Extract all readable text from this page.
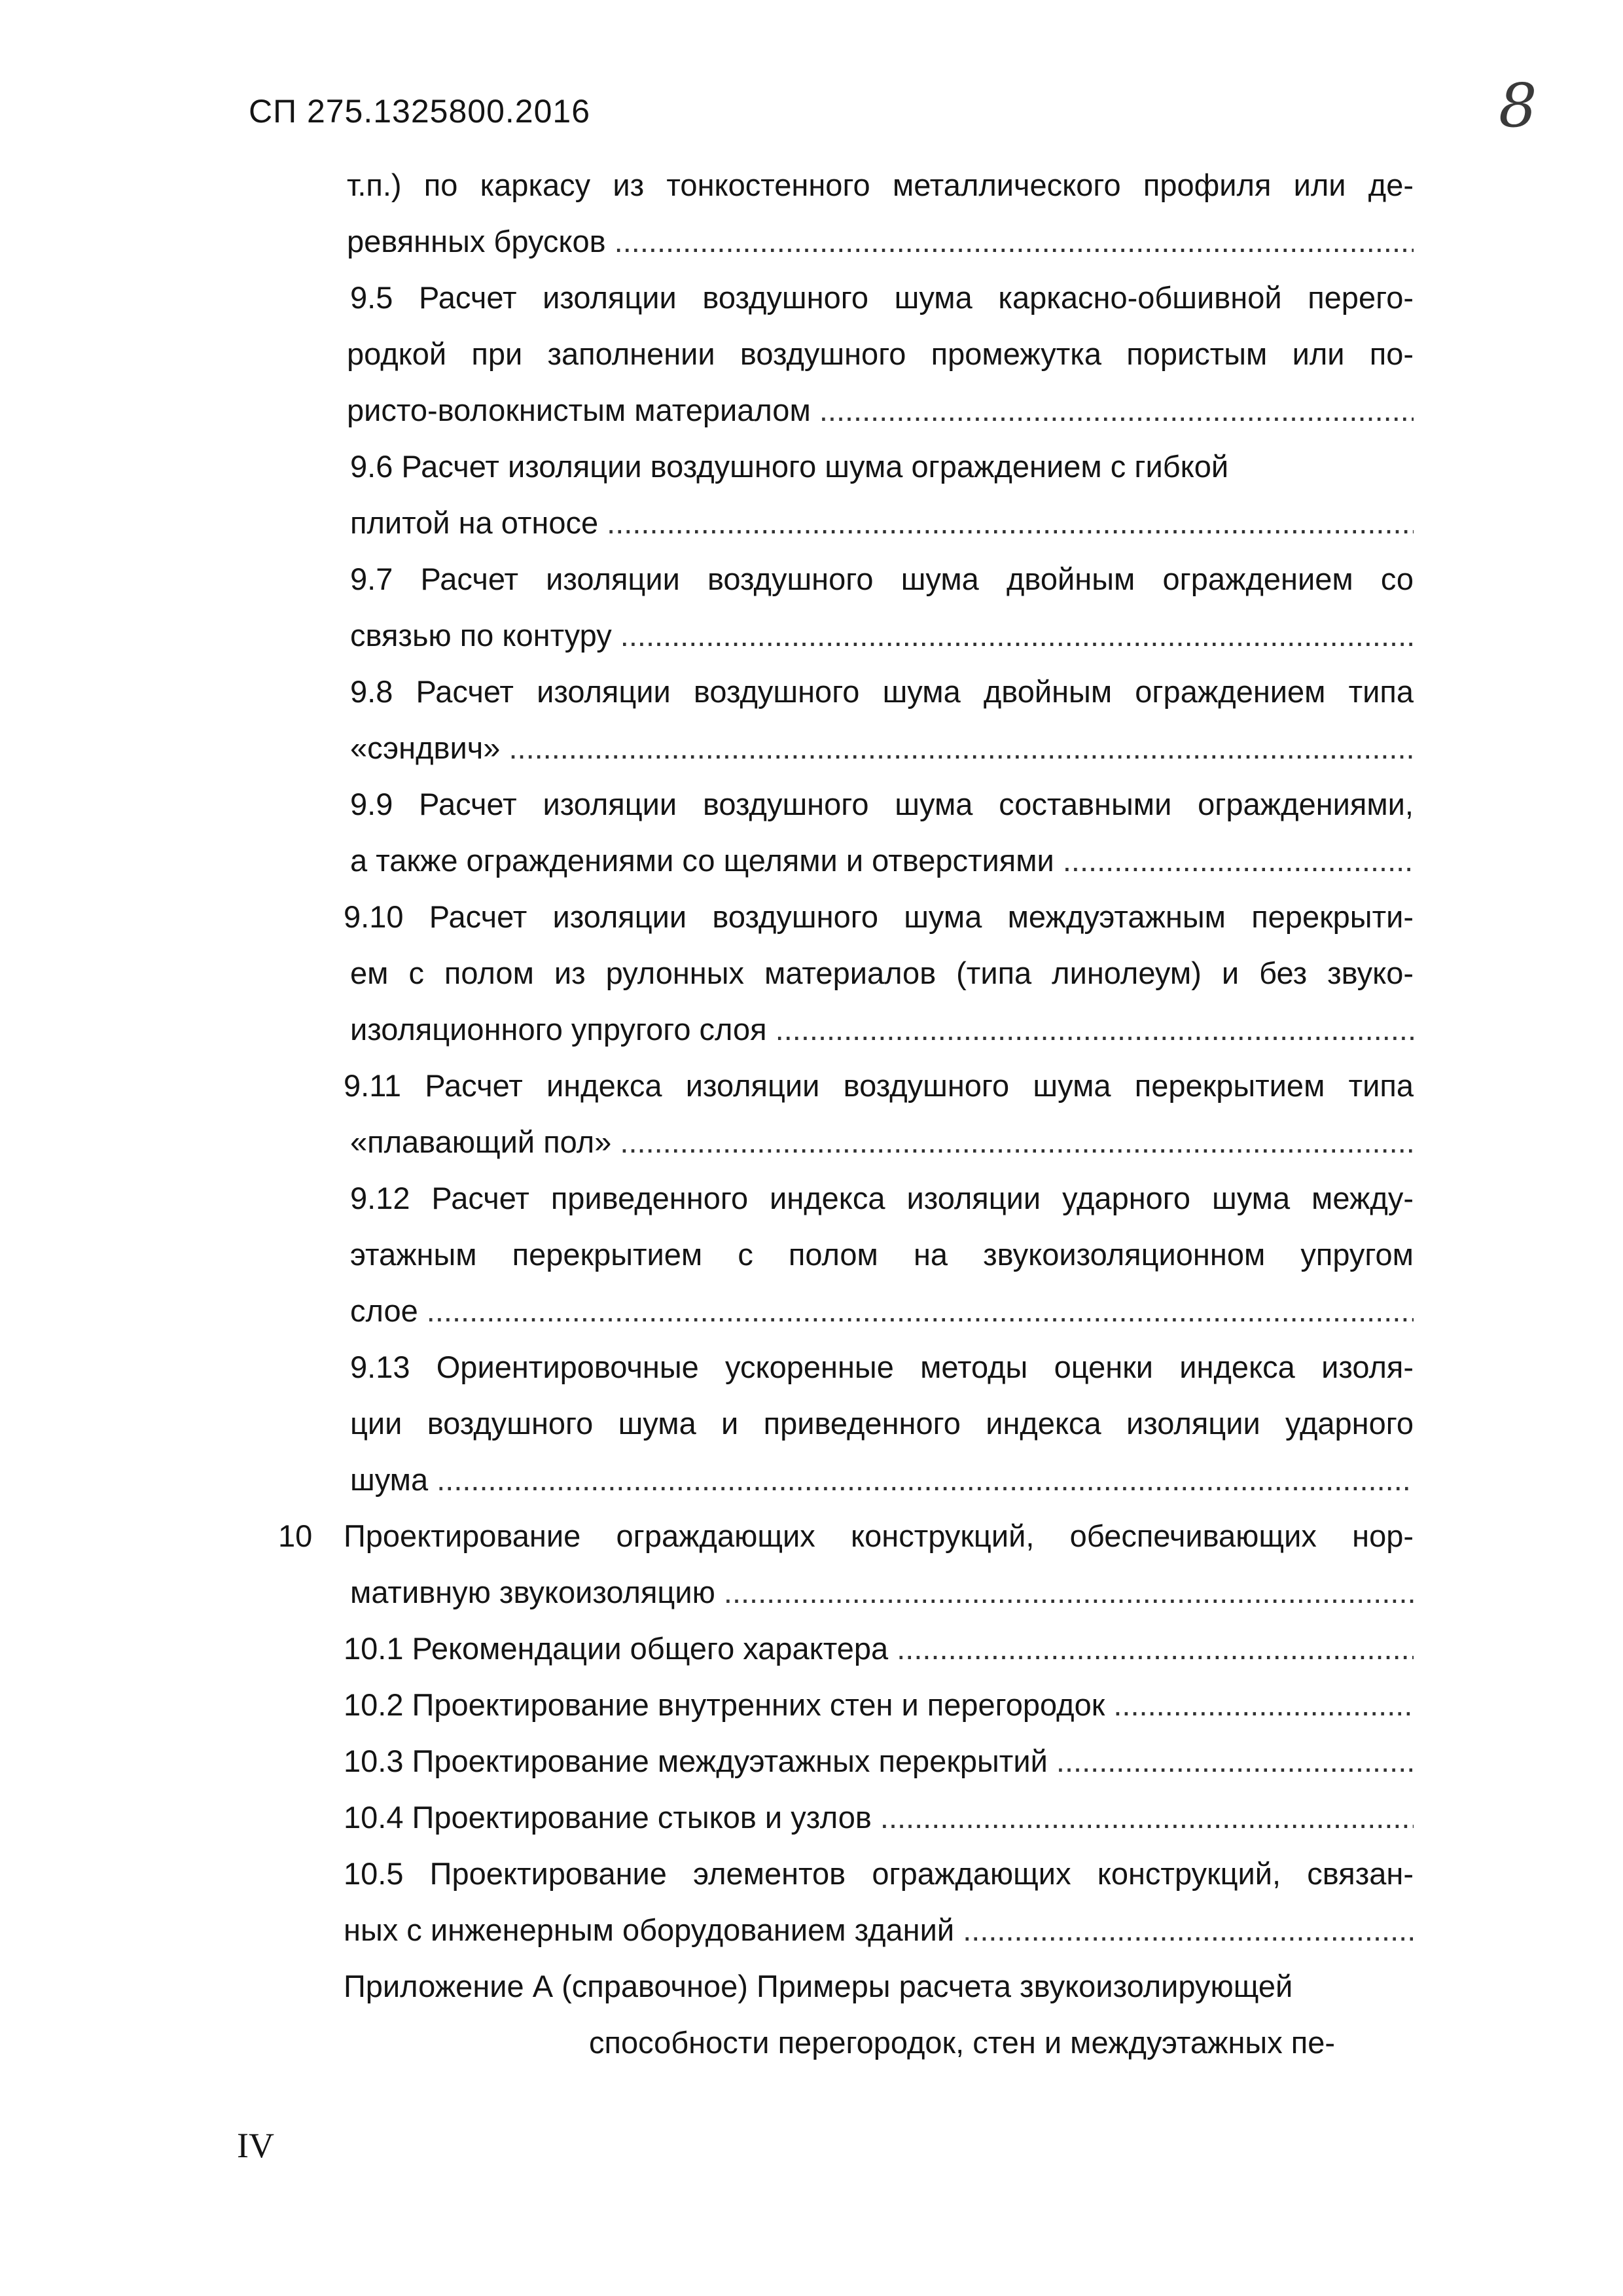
СП 275.1325800.2016	8
т.п.) по каркасу из тонкостенного металлического профиля или де-
ревянных брусков .....
9.5 Расчет изоляции воздушного шума каркасно-обшивной перего-
родкой при заполнении воздушного промежутка пористым или по-
ристо-волокнистым материалом .....
9.6 Расчет изоляции воздушного шума ограждением с гибкой
плитой на относе .....
9.7 Расчет изоляции воздушного шума двойным ограждением со
связью по контуру .....
9.8 Расчет изоляции воздушного шума двойным ограждением типа
«сэндвич» .....
9.9 Расчет изоляции воздушного шума составными ограждениями,
а также ограждениями со щелями и отверстиями .....
9.10 Расчет изоляции воздушного шума междуэтажным перекрыти-
ем с полом из рулонных материалов (типа линолеум) и без звуко-
изоляционного упругого слоя .....
9.11 Расчет индекса изоляции воздушного шума перекрытием типа
«плавающий пол» .....
9.12 Расчет приведенного индекса изоляции ударного шума между-
этажным перекрытием с полом на звукоизоляционном упругом
слое .....
9.13 Ориентировочные ускоренные методы оценки индекса изоля-
ции воздушного шума и приведенного индекса изоляции ударного
шума .....
10	Проектирование ограждающих конструкций, обеспечивающих нор-
мативную звукоизоляцию .....
10.1 Рекомендации общего характера .....
10.2 Проектирование внутренних стен и перегородок .....
10.3 Проектирование междуэтажных перекрытий .....
10.4 Проектирование стыков и узлов .....
10.5 Проектирование элементов ограждающих конструкций, связан-
ных с инженерным оборудованием зданий .....
Приложение А (справочное) Примеры расчета звукоизолирующей
способности перегородок, стен и междуэтажных пе-
IV
